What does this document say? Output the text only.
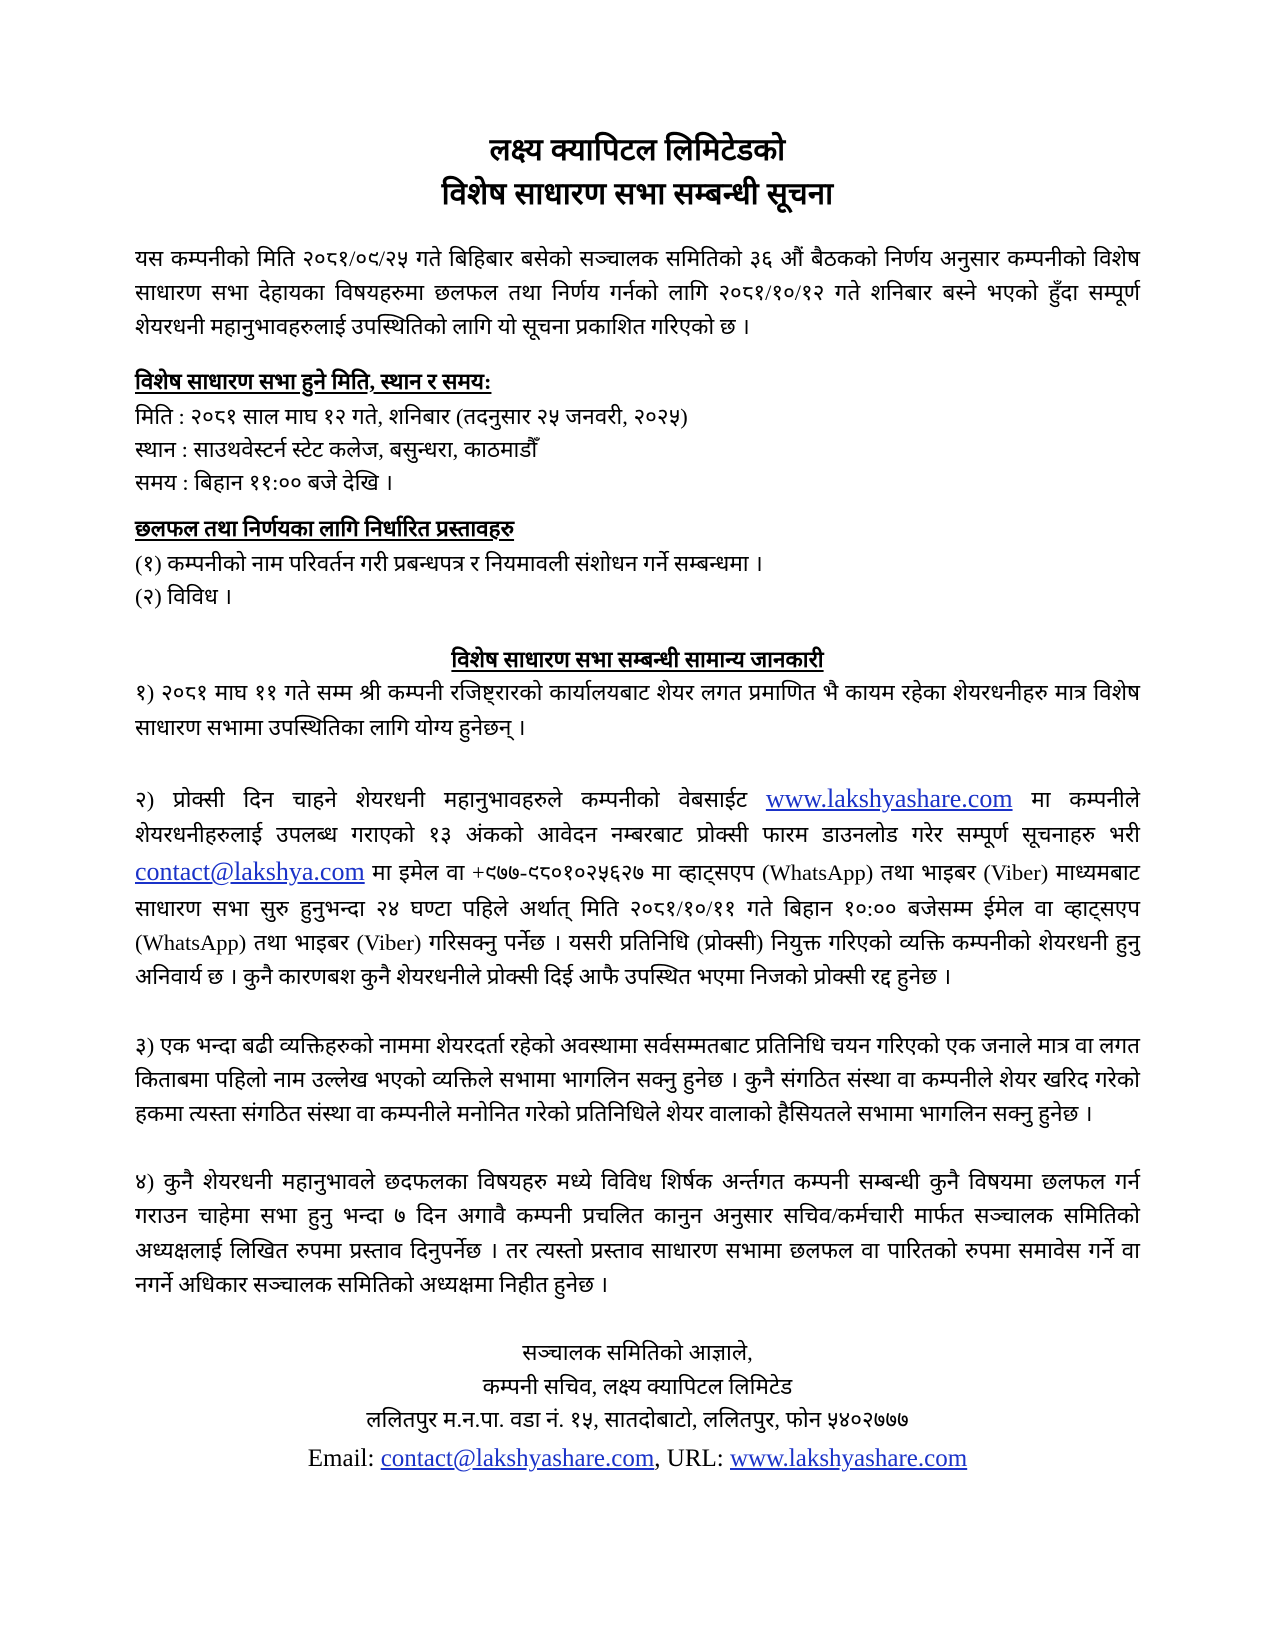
लक्ष्य क्यापिटल लिमिटेडको
विशेष साधारण सभा सम्बन्धी सूचना

यस कम्पनीको मिति २०८१/०९/२५ गते बिहिबार बसेको सञ्चालक समितिको ३६ औं बैठकको निर्णय अनुसार कम्पनीको विशेष साधारण सभा देहायका विषयहरुमा छलफल तथा निर्णय गर्नको लागि २०८१/१०/१२ गते शनिबार बस्ने भएको हुँदा सम्पूर्ण शेयरधनी महानुभावहरुलाई उपस्थितिको लागि यो सूचना प्रकाशित गरिएको छ ।

विशेष साधारण सभा हुने मिति, स्थान र समय:

मिति : २०८१ साल माघ १२ गते, शनिबार (तदनुसार २५ जनवरी, २०२५)

स्थान : साउथवेस्टर्न स्टेट कलेज, बसुन्धरा, काठमाडौँ

समय : बिहान ११:०० बजे देखि ।

छलफल तथा निर्णयका लागि निर्धारित प्रस्तावहरु

(१) कम्पनीको नाम परिवर्तन गरी प्रबन्धपत्र र नियमावली संशोधन गर्ने सम्बन्धमा ।

(२) विविध ।

विशेष साधारण सभा सम्बन्धी सामान्य जानकारी

१) २०८१ माघ ११ गते सम्म श्री कम्पनी रजिष्ट्रारको कार्यालयबाट शेयर लगत प्रमाणित भै कायम रहेका शेयरधनीहरु मात्र विशेष साधारण सभामा उपस्थितिका लागि योग्य हुनेछन् ।

२) प्रोक्सी दिन चाहने शेयरधनी महानुभावहरुले कम्पनीको वेबसाईट www.lakshyashare.com मा कम्पनीले शेयरधनीहरुलाई उपलब्ध गराएको १३ अंकको आवेदन नम्बरबाट प्रोक्सी फारम डाउनलोड गरेर सम्पूर्ण सूचनाहरु भरी contact@lakshya.com मा इमेल वा +९७७-९८०१०२५६२७ मा व्हाट्सएप (WhatsApp) तथा भाइबर (Viber) माध्यमबाट साधारण सभा सुरु हुनुभन्दा २४ घण्टा पहिले अर्थात् मिति २०८१/१०/११ गते बिहान १०:०० बजेसम्म ईमेल वा व्हाट्सएप (WhatsApp) तथा भाइबर (Viber) गरिसक्नु पर्नेछ । यसरी प्रतिनिधि (प्रोक्सी) नियुक्त गरिएको व्यक्ति कम्पनीको शेयरधनी हुनु अनिवार्य छ । कुनै कारणबश कुनै शेयरधनीले प्रोक्सी दिई आफै उपस्थित भएमा निजको प्रोक्सी रद्द हुनेछ ।

३) एक भन्दा बढी व्यक्तिहरुको नाममा शेयरदर्ता रहेको अवस्थामा सर्वसम्मतबाट प्रतिनिधि चयन गरिएको एक जनाले मात्र वा लगत किताबमा पहिलो नाम उल्लेख भएको व्यक्तिले सभामा भागलिन सक्नु हुनेछ । कुनै संगठित संस्था वा कम्पनीले शेयर खरिद गरेको हकमा त्यस्ता संगठित संस्था वा कम्पनीले मनोनित गरेको प्रतिनिधिले शेयर वालाको हैसियतले सभामा भागलिन सक्नु हुनेछ ।

४) कुनै शेयरधनी महानुभावले छदफलका विषयहरु मध्ये विविध शिर्षक अर्न्तगत कम्पनी सम्बन्धी कुनै विषयमा छलफल गर्न गराउन चाहेमा सभा हुनु भन्दा ७ दिन अगावै कम्पनी प्रचलित कानुन अनुसार सचिव/कर्मचारी मार्फत सञ्चालक समितिको अध्यक्षलाई लिखित रुपमा प्रस्ताव दिनुपर्नेछ । तर त्यस्तो प्रस्ताव साधारण सभामा छलफल वा पारितको रुपमा समावेस गर्ने वा नगर्ने अधिकार सञ्चालक समितिको अध्यक्षमा निहीत हुनेछ ।

सञ्चालक समितिको आज्ञाले,

कम्पनी सचिव, लक्ष्य क्यापिटल लिमिटेड

ललितपुर म.न.पा. वडा नं. १५, सातदोबाटो, ललितपुर, फोन ५४०२७७७

Email: contact@lakshyashare.com, URL: www.lakshyashare.com
